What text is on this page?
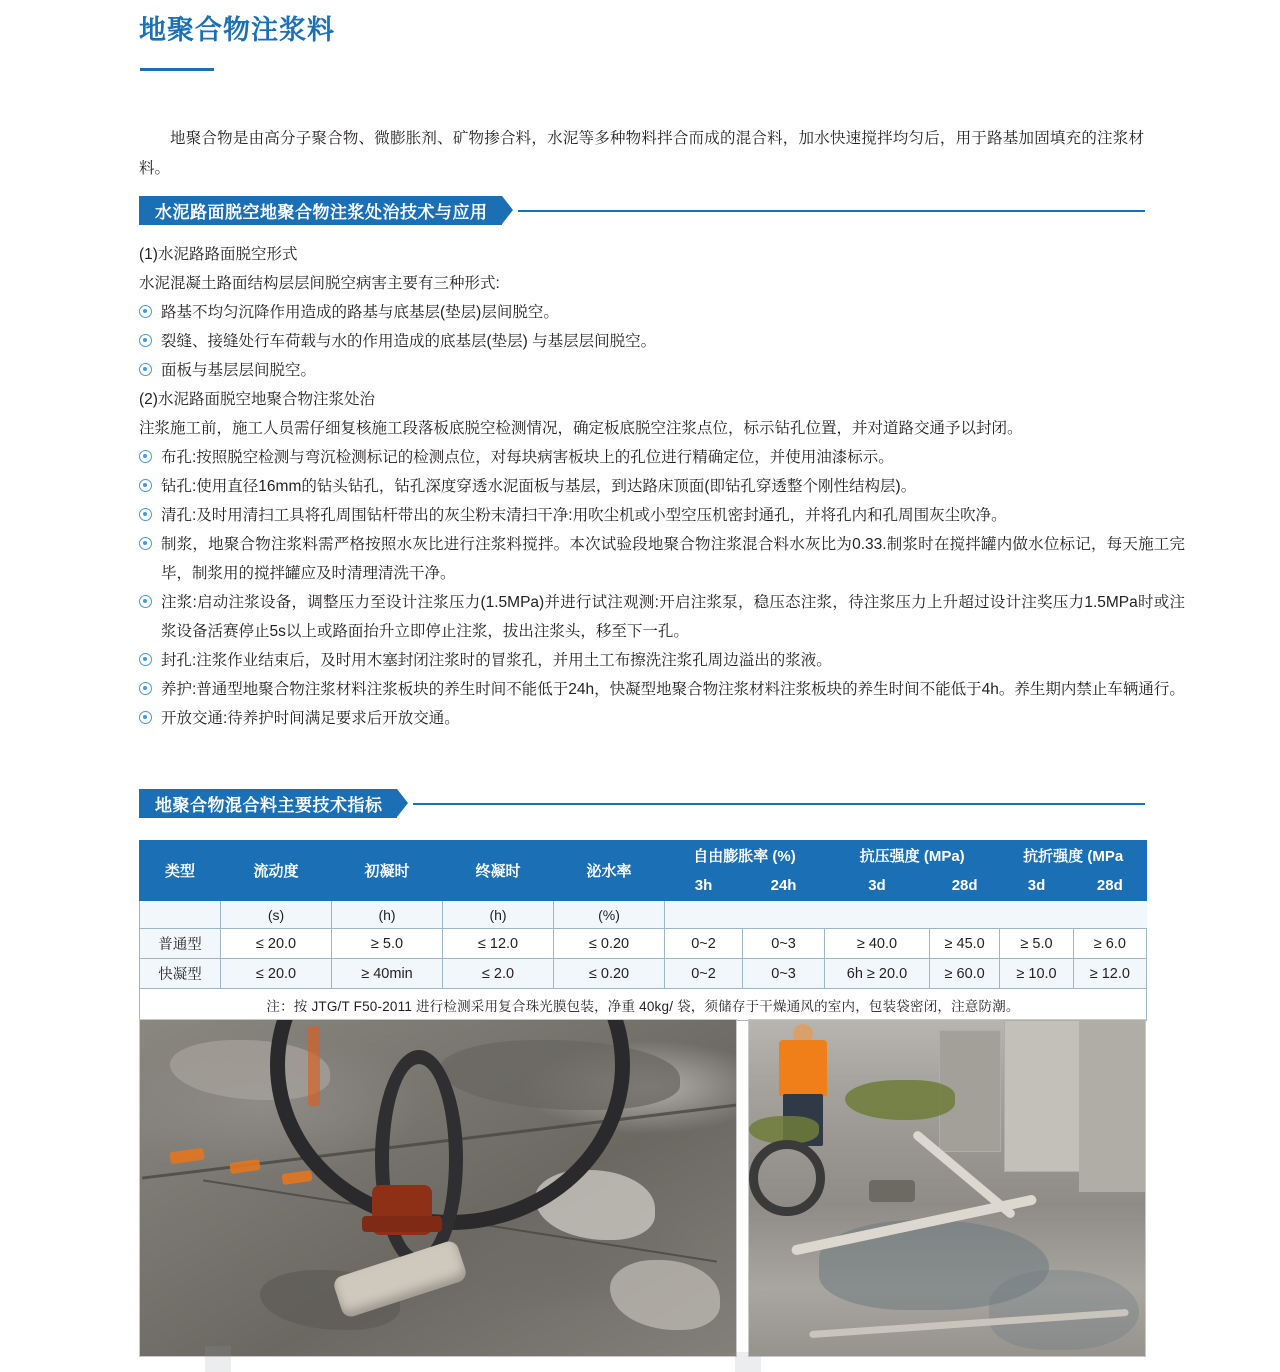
地聚合物注浆料

地聚合物是由高分子聚合物、微膨胀剂、矿物掺合料，水泥等多种物料拌合而成的混合料，加水快速搅拌均匀后，用于路基加固填充的注浆材料。

水泥路面脱空地聚合物注浆处治技术与应用
(1)水泥路路面脱空形式
水泥混凝土路面结构层层间脱空病害主要有三种形式:
路基不均匀沉降作用造成的路基与底基层(垫层)层间脱空。
裂缝、接缝处行车荷载与水的作用造成的底基层(垫层) 与基层层间脱空。
面板与基层层间脱空。
(2)水泥路面脱空地聚合物注浆处治
注浆施工前，施工人员需仔细复核施工段落板底脱空检测情况，确定板底脱空注浆点位，标示钻孔位置，并对道路交通予以封闭。
布孔:按照脱空检测与弯沉检测标记的检测点位，对每块病害板块上的孔位进行精确定位，并使用油漆标示。
钻孔:使用直径16mm的钻头钻孔，钻孔深度穿透水泥面板与基层，到达路床顶面(即钻孔穿透整个刚性结构层)。
清孔:及时用清扫工具将孔周围钻杆带出的灰尘粉末清扫干净:用吹尘机或小型空压机密封通孔，并将孔内和孔周围灰尘吹净。
制浆，地聚合物注浆料需严格按照水灰比进行注浆料搅拌。本次试验段地聚合物注浆混合料水灰比为0.33.制浆时在搅拌罐内做水位标记，每天施工完毕，制浆用的搅拌罐应及时清理清洗干净。
注浆:启动注浆设备，调整压力至设计注浆压力(1.5MPa)并进行试注观测:开启注浆泵，稳压态注浆，待注浆压力上升超过设计注奖压力1.5MPa时或注浆设备活赛停止5s以上或路面抬升立即停止注浆，拔出注浆头，移至下一孔。
封孔:注浆作业结束后，及时用木塞封闭注浆时的冒浆孔，并用土工布擦洗注浆孔周边溢出的浆液。
养护:普通型地聚合物注浆材料注浆板块的养生时间不能低于24h，快凝型地聚合物注浆材料注浆板块的养生时间不能低于4h。养生期内禁止车辆通行。
开放交通:待养护时间满足要求后开放交通。
地聚合物混合料主要技术指标
类型	流动度	初凝时	终凝时	泌水率	自由膨胀率 (%)		抗压强度 (MPa)		抗折强度 (MPa	
					3h	24h	3d	28d	3d	28d
	(s)	(h)	(h)	(%)						
普通型	≤ 20.0	≥ 5.0	≤ 12.0	≤ 0.20	0~2	0~3	≥ 40.0	≥ 45.0	≥ 5.0	≥ 6.0
快凝型	≤ 20.0	≥ 40min	≤ 2.0	≤ 0.20	0~2	0~3	6h ≥ 20.0	≥ 60.0	≥ 10.0	≥ 12.0
注：按 JTG/T F50-2011 进行检测采用复合珠光膜包装，净重 40kg/ 袋，须储存于干燥通风的室内，包装袋密闭，注意防潮。										
